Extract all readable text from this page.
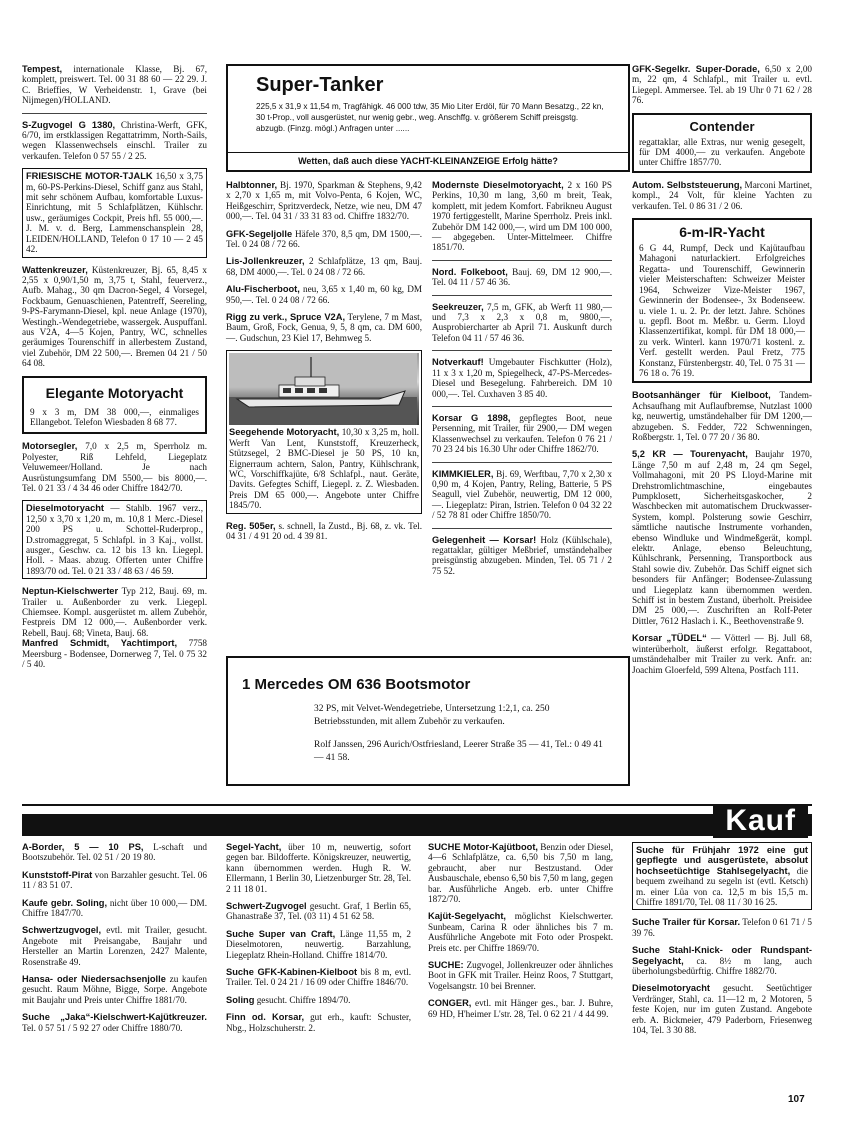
Tempest, internationale Klasse, Bj. 67, komplett, preiswert. Tel. 00 31 88 60 — 22 29. J. C. Brieffies, W Verheidenstr. 1, Grave (bei Nijmegen)/HOLLAND.
S-Zugvogel G 1380, Christina-Werft, GFK, 6/70, im erstklassigen Regattatrimm, North-Sails, wegen Klassenwechsels einschl. Trailer zu verkaufen. Telefon 0 57 55 / 2 25.
FRIESISCHE MOTOR-TJALK 16,50 x 3,75 m, 60-PS-Perkins-Diesel, Schiff ganz aus Stahl, mit sehr schönem Aufbau, komfortable Luxus-Einrichtung, mit 5 Schlafplätzen, Kühlschr. usw., geräumiges Cockpit, Preis hfl. 55 000,—. J. M. v. d. Berg, Lammenschansplein 28, LEIDEN/HOLLAND, Telefon 0 17 10 — 2 45 42.
Wattenkreuzer, Küstenkreuzer, Bj. 65, 8,45 x 2,55 x 0,90/1,50 m, 3,75 t, Stahl, feuerverz., Aufb. Mahag., 30 qm Dacron-Segel, 4 Vorsegel, Fockbaum, Genuaschienen, Patentreff, Seereling, 9-PS-Farymann-Diesel, kpl. neue Anlage (1970), Westingh.-Wendegetriebe, wassergek. Auspuffanl. aus V2A, 4—5 Kojen, Pantry, WC, schnelles geräumiges Tourenschiff in allerbestem Zustand, viel Zubehör, DM 22 500,—. Bremen 04 21 / 50 64 08.
Elegante Motoryacht
9 x 3 m, DM 38 000,—, einmaliges Ellangebot. Telefon Wiesbaden 8 68 77.
Motorsegler, 7,0 x 2,5 m, Sperrholz m. Polyester, Riß Lehfeld, Liegeplatz Veluwemeer/Holland. Je nach Ausrüstungsumfang DM 5500,— bis 8000,—. Tel. 0 21 33 / 4 34 46 oder Chiffre 1842/70.
Dieselmotoryacht — Stahlb. 1967 verz., 12,50 x 3,70 x 1,20 m, m. 10,8 1 Merc.-Diesel 200 PS u. Schottel-Ruderprop., D.stromaggregat, 5 Schlafpl. in 3 Kaj., vollst. ausger., Geschw. ca. 12 bis 13 kn. Liegepl. Holl. - Maas. abzug. Offerten unter Chiffre 1893/70 od. Tel. 0 21 33 / 48 63 / 46 59.
Neptun-Kielschwerter Typ 212, Bauj. 69, m. Trailer u. Außenborder zu verk. Liegepl. Chiemsee. Kompl. ausgerüstet m. allem Zubehör, Festpreis DM 12 000,—. Außenborder verk. Rebell, Bauj. 68; Vineta, Bauj. 68.
Manfred Schmidt, Yachtimport, 7758 Meersburg - Bodensee, Dornerweg 7, Tel. 0 75 32 / 5 40.
Super-Tanker
225,5 x 31,9 x 11,54 m, Tragfähigk. 46 000 tdw, 35 Mio Liter Erdöl, für 70 Mann Besatzg., 22 kn, 30 t-Prop., voll ausgerüstet, nur wenig gebr., weg. Anschffg. v. größerem Schiff preisgstg. abzugb. (Finzg. mögl.) Anfragen unter ......
Wetten, daß auch diese YACHT-KLEINANZEIGE Erfolg hätte?
Halbtonner, Bj. 1970, Sparkman & Stephens, 9,42 x 2,70 x 1,65 m, mit Volvo-Penta, 6 Kojen, WC, Heißgeschirr, Spritzverdeck, Netze, wie neu, DM 47 000,—. Tel. 04 31 / 33 31 83 od. Chiffre 1832/70.
GFK-Segeljolle Häfele 370, 8,5 qm, DM 1500,—. Tel. 0 24 08 / 72 66.
Lis-Jollenkreuzer, 2 Schlafplätze, 13 qm, Bauj. 68, DM 4000,—. Tel. 0 24 08 / 72 66.
Alu-Fischerboot, neu, 3,65 x 1,40 m, 60 kg, DM 950,—. Tel. 0 24 08 / 72 66.
Rigg zu verk., Spruce V2A, Terylene, 7 m Mast, Baum, Groß, Fock, Genua, 9, 5, 8 qm, ca. DM 600,—. Gudschun, 23 Kiel 17, Behmweg 5.
Seegehende Motoryacht, 10,30 x 3,25 m, holl. Werft Van Lent, Kunststoff, Kreuzerheck, Stützsegel, 2 BMC-Diesel je 50 PS, 10 kn, Eignerraum achtern, Salon, Pantry, Kühlschrank, WC, Vorschiffkajüte, 6/8 Schlafpl., naut. Geräte, Davits. Gefegtes Schiff, Liegepl. z. Z. Wiesbaden. Preis DM 65 000,—. Angebote unter Chiffre 1845/70.
Reg. 505er, s. schnell, Ia Zustd., Bj. 68, z. vk. Tel. 04 31 / 4 91 20 od. 4 39 81.
Modernste Dieselmotoryacht, 2 x 160 PS Perkins, 10,30 m lang, 3,60 m breit, Teak, komplett, mit jedem Komfort. Fabrikneu August 1970 fertiggestellt, Marine Sperrholz. Preis inkl. Zubehör DM 142 000,—, wird um DM 100 000,— abgegeben. Unter-Mittelmeer. Chiffre 1851/70.
Nord. Folkeboot, Bauj. 69, DM 12 900,—. Tel. 04 11 / 57 46 36.
Seekreuzer, 7,5 m, GFK, ab Werft 11 980,— und 7,3 x 2,3 x 0,8 m, 9800,—, Ausprobiercharter ab April 71. Auskunft durch Telefon 04 11 / 57 46 36.
Notverkauf! Umgebauter Fischkutter (Holz), 11 x 3 x 1,20 m, Spiegelheck, 47-PS-Mercedes-Diesel und Besegelung. Fahrbereich. DM 10 000,—. Tel. Cuxhaven 3 85 40.
Korsar G 1898, gepflegtes Boot, neue Persenning, mit Trailer, für 2900,— DM wegen Klassenwechsel zu verkaufen. Telefon 0 76 21 / 70 23 24 bis 16.30 Uhr oder Chiffre 1862/70.
KIMMKIELER, Bj. 69, Werftbau, 7,70 x 2,30 x 0,90 m, 4 Kojen, Pantry, Reling, Batterie, 5 PS Seagull, viel Zubehör, neuwertig, DM 12 000,—. Liegeplatz: Piran, Istrien. Telefon 0 04 32 22 / 52 78 81 oder Chiffre 1850/70.
Gelegenheit — Korsar! Holz (Kühlschale), regattaklar, gültiger Meßbrief, umständehalber preisgünstig abzugeben. Minden, Tel. 05 71 / 2 75 52.
1 Mercedes OM 636 Bootsmotor
32 PS, mit Velvet-Wendegetriebe, Untersetzung 1:2,1, ca. 250 Betriebsstunden, mit allem Zubehör zu verkaufen.
Rolf Janssen, 296 Aurich/Ostfriesland, Leerer Straße 35 — 41, Tel.: 0 49 41 — 41 58.
GFK-Segelkr. Super-Dorade, 6,50 x 2,00 m, 22 qm, 4 Schlafpl., mit Trailer u. evtl. Liegepl. Ammersee. Tel. ab 19 Uhr 0 71 62 / 28 76.
Contender
regattaklar, alle Extras, nur wenig gesegelt, für DM 4000,— zu verkaufen. Angebote unter Chiffre 1857/70.
Autom. Selbststeuerung, Marconi Martinet, kompl., 24 Volt, für kleine Yachten zu verkaufen. Tel. 0 86 31 / 2 06.
6-m-IR-Yacht
6 G 44, Rumpf, Deck und Kajütaufbau Mahagoni naturlackiert. Erfolgreiches Regatta- und Tourenschiff, Gewinnerin vieler Meisterschaften: Schweizer Meister 1964, Schweizer Vize-Meister 1967, Gewinnerin der Bodensee-, 3x Bodenseew. u. viele 1. u. 2. Pr. der letzt. Jahre. Schönes u. gepfl. Boot m. Meßbr. u. Germ. Lloyd Klassenzertifikat, kompl. für DM 18 000,— zu verk. Winterl. kann 1970/71 kostenl. z. Verf. gestellt werden. Paul Fretz, 775 Konstanz, Fürstenbergstr. 40, Tel. 0 75 31 — 76 18 o. 76 19.
Bootsanhänger für Kielboot, Tandem-Achsaufhang mit Auflaufbremse, Nutzlast 1000 kg, neuwertig, umständehalber für DM 1200,— abzugeben. S. Fedder, 722 Schwenningen, Roßbergstr. 1, Tel. 0 77 20 / 36 80.
5,2 KR — Tourenyacht, Baujahr 1970, Länge 7,50 m auf 2,48 m, 24 qm Segel, Vollmahagoni, mit 20 PS Lloyd-Marine mit Drehstromlichtmaschine, eingebautes Pumpklosett, Sicherheitsgaskocher, 2 Waschbecken mit automatischem Druckwasser-System, kompl. Polsterung sowie Geschirr, sämtliche nautische Instrumente vorhanden, ebenso Windluke und Windmeßgerät, kompl. elektr. Anlage, ebenso Beleuchtung, Kühlschrank, Persenning, Transportbock aus Stahl sowie div. Zubehör. Das Schiff eignet sich besonders für Anfänger; Bodensee-Zulassung und Liegeplatz kann übernommen werden. Schiff ist in bestem Zustand, überholt. Preisidee DM 25 000,—. Zuschriften an Rolf-Peter Dittler, 7612 Haslach i. K., Beethovenstraße 9.
Korsar „TÜDEL“ — Vötterl — Bj. Jull 68, winterüberholt, äußerst erfolgr. Regattaboot, umständehalber mit Trailer zu verk. Anfr. an: Joachim Gloerfeld, 599 Altena, Postfach 111.
Kauf
A-Border, 5 — 10 PS, L-schaft und Bootszubehör. Tel. 02 51 / 20 19 80.
Kunststoff-Pirat von Barzahler gesucht. Tel. 06 11 / 83 51 07.
Kaufe gebr. Soling, nicht über 10 000,— DM. Chiffre 1847/70.
Schwertzugvogel, evtl. mit Trailer, gesucht. Angebote mit Preisangabe, Baujahr und Hersteller an Martin Lorenzen, 2427 Malente, Rosenstraße 49.
Hansa- oder Niedersachsenjolle zu kaufen gesucht. Raum Möhne, Bigge, Sorpe. Angebote mit Baujahr und Preis unter Chiffre 1881/70.
Suche „Jaka“-Kielschwert-Kajütkreuzer. Tel. 0 57 51 / 5 92 27 oder Chiffre 1880/70.
Segel-Yacht, über 10 m, neuwertig, sofort gegen bar. Bildofferte. Königskreuzer, neuwertig, kann übernommen werden. Hugh R. W. Ellermann, 1 Berlin 30, Lietzenburger Str. 28, Tel. 2 11 18 01.
Schwert-Zugvogel gesucht. Graf, 1 Berlin 65, Ghanastraße 37, Tel. (03 11) 4 51 62 58.
Suche Super van Craft, Länge 11,55 m, 2 Dieselmotoren, neuwertig. Barzahlung, Liegeplatz Rhein-Holland. Chiffre 1814/70.
Suche GFK-Kabinen-Kielboot bis 8 m, evtl. Trailer. Tel. 0 24 21 / 16 09 oder Chiffre 1846/70.
Soling gesucht. Chiffre 1894/70.
Finn od. Korsar, gut erh., kauft: Schuster, Nbg., Holzschuherstr. 2.
SUCHE Motor-Kajütboot, Benzin oder Diesel, 4—6 Schlafplätze, ca. 6,50 bis 7,50 m lang, gebraucht, aber nur Bestzustand. Oder Ausbauschale, ebenso 6,50 bis 7,50 m lang, gegen bar. Ausführliche Angeb. erb. unter Chiffre 1872/70.
Kajüt-Segelyacht, möglichst Kielschwerter. Sunbeam, Carina R oder ähnliches bis 7 m. Ausführliche Angebote mit Foto oder Prospekt. Preis etc. per Chiffre 1869/70.
SUCHE: Zugvogel, Jollenkreuzer oder ähnliches Boot in GFK mit Trailer. Heinz Roos, 7 Stuttgart, Vogelsangstr. 10 bei Brenner.
CONGER, evtl. mit Hänger ges., bar. J. Buhre, 69 HD, H'heimer L'str. 28, Tel. 0 62 21 / 4 44 99.
Suche für Frühjahr 1972 eine gut gepflegte und ausgerüstete, absolut hochseetüchtige Stahlsegelyacht, die bequem zweihand zu segeln ist (evtl. Ketsch) m. einer Lüa von ca. 12,5 m bis 15,5 m. Chiffre 1891/70, Tel. 08 11 / 30 16 25.
Suche Trailer für Korsar. Telefon 0 61 71 / 5 39 76.
Suche Stahl-Knick- oder Rundspant-Segelyacht, ca. 8½ m lang, auch überholungsbedürftig. Chiffre 1882/70.
Dieselmotoryacht gesucht. Seetüchtiger Verdränger, Stahl, ca. 11—12 m, 2 Motoren, 5 feste Kojen, nur im guten Zustand. Angebote erb. A. Bickmeier, 479 Paderborn, Friesenweg 104, Tel. 3 30 88.
107
